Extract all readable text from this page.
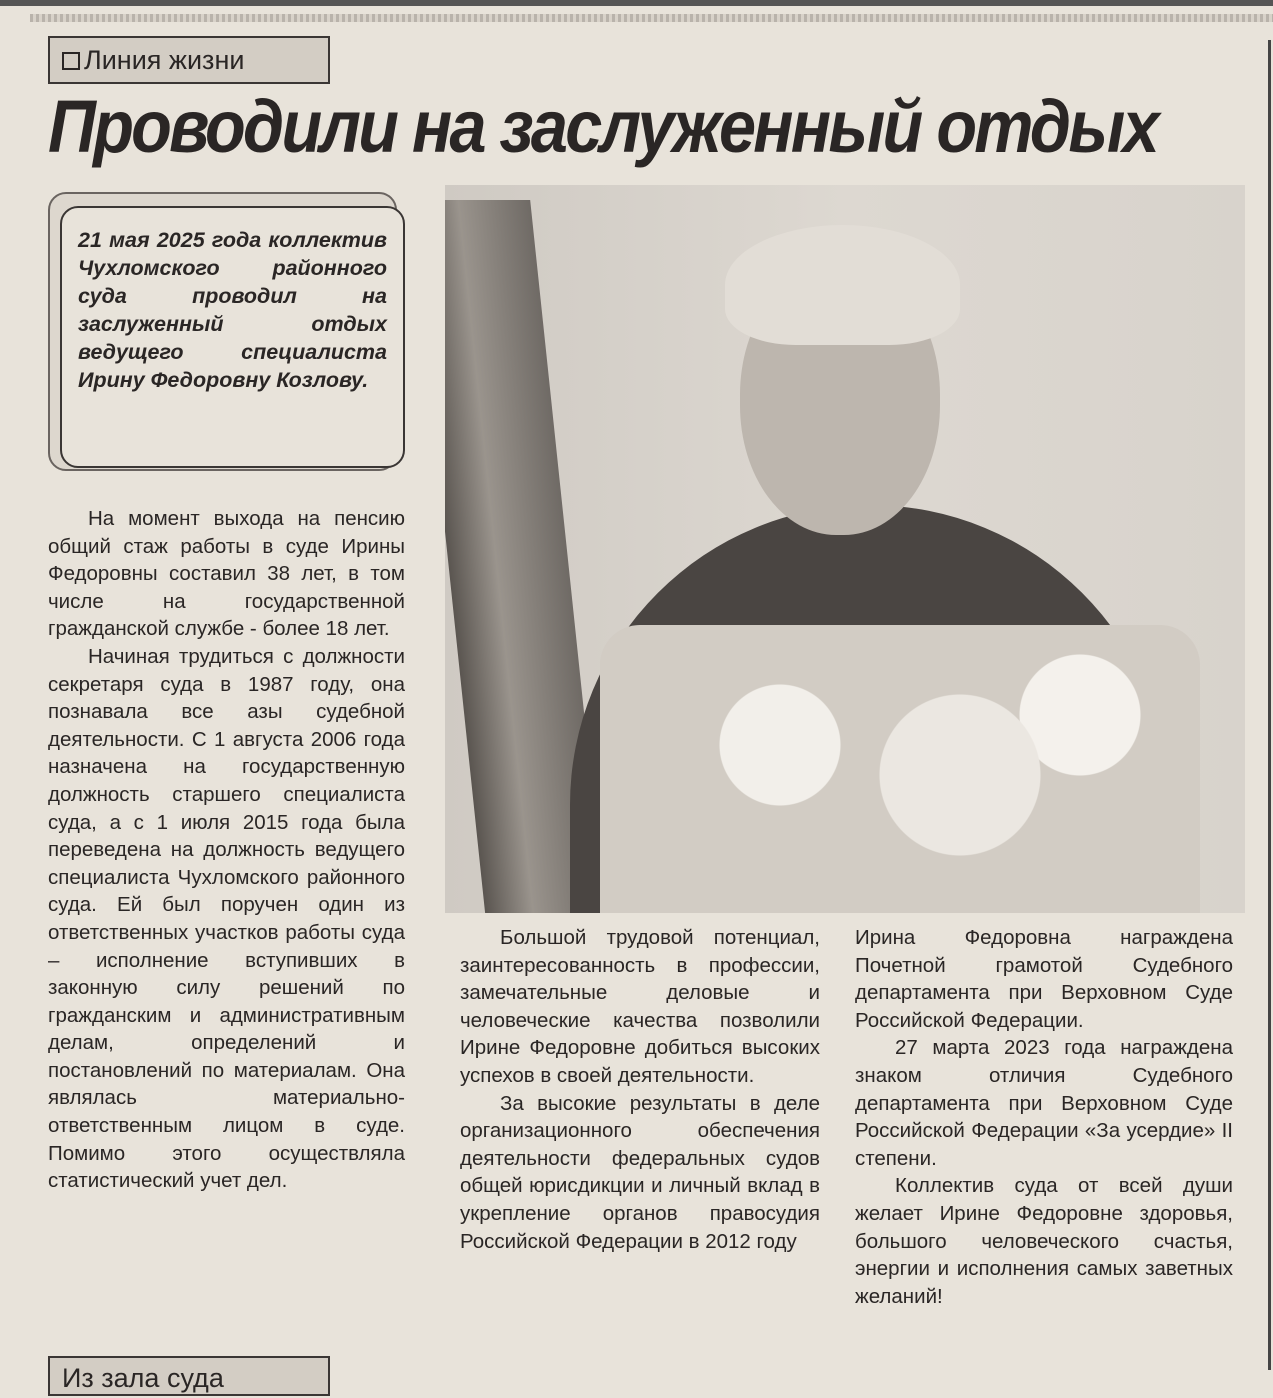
Линия жизни
Проводили на заслуженный отдых
21 мая 2025 года коллектив Чухломского районного суда проводил на заслуженный отдых ведущего специалиста Ирину Федоровну Козлову.

На момент выхода на пенсию общий стаж работы в суде Ирины Федоровны составил 38 лет, в том числе на государственной гражданской службе - более 18 лет.

Начиная трудиться с должности секретаря суда в 1987 году, она познавала все азы судебной деятельности. С 1 августа 2006 года назначена на государственную должность старшего специалиста суда, а с 1 июля 2015 года была переведена на должность ведущего специалиста Чухломского районного суда. Ей был поручен один из ответственных участков работы суда – исполнение вступивших в законную силу решений по гражданским и административным делам, определений и постановлений по материалам. Она являлась материально-ответственным лицом в суде. Помимо этого осуществляла статистический учет дел.

Большой трудовой потенциал, заинтересованность в профессии, замечательные деловые и человеческие качества позволили Ирине Федоровне добиться высоких успехов в своей деятельности.

За высокие результаты в деле организационного обеспечения деятельности федеральных судов общей юрисдикции и личный вклад в укрепление органов правосудия Российской Федерации в 2012 году

Ирина Федоровна награждена Почетной грамотой Судебного департамента при Верховном Суде Российской Федерации.

27 марта 2023 года награждена знаком отличия Судебного департамента при Верховном Суде Российской Федерации «За усердие» II степени.

Коллектив суда от всей души желает Ирине Федоровне здоровья, большого человеческого счастья, энергии и исполнения самых заветных желаний!

Из зала суда
